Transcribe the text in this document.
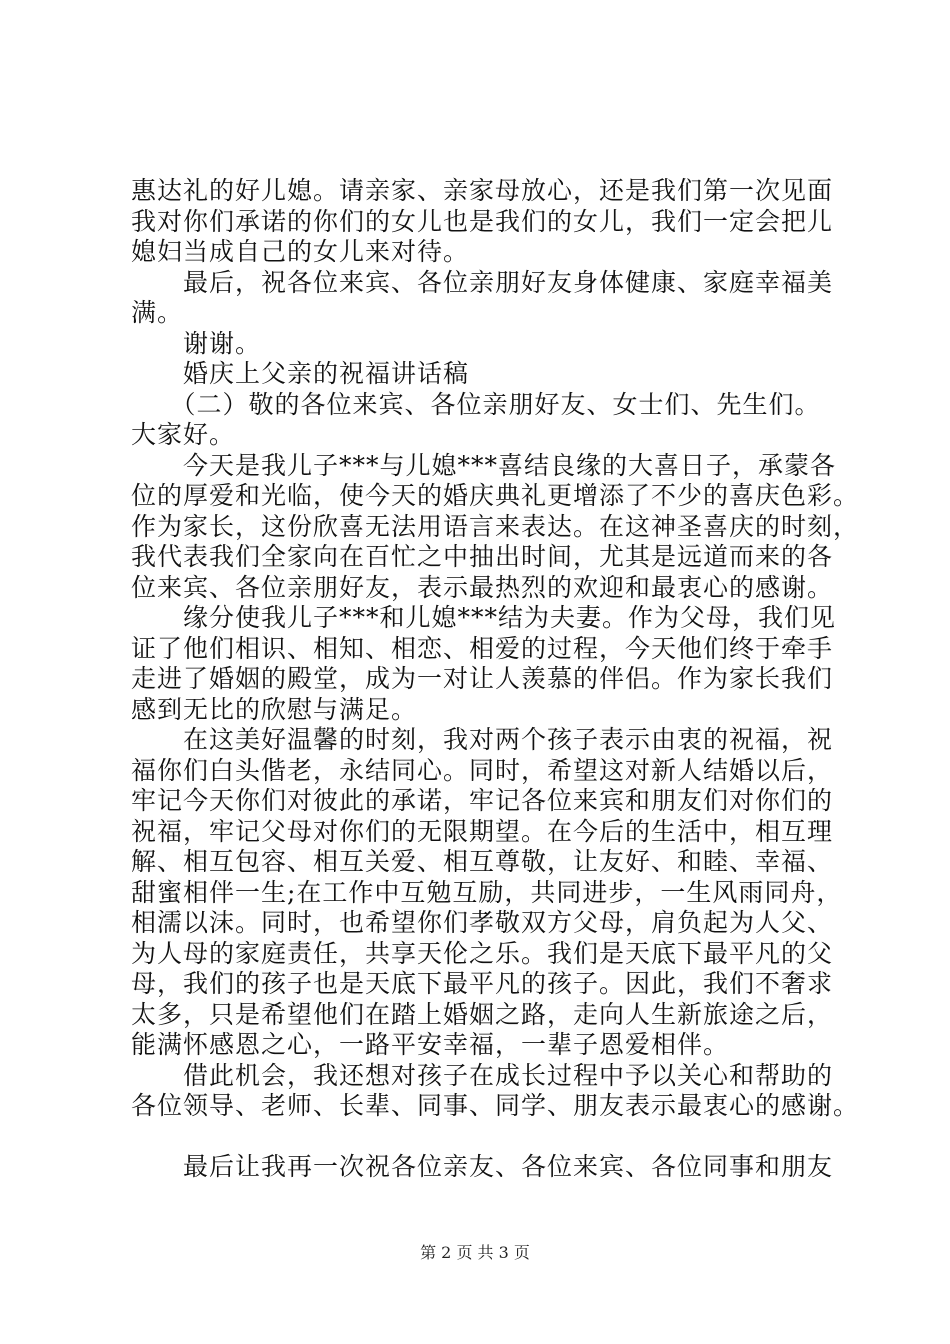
惠达礼的好儿媳。请亲家、亲家母放心，还是我们第一次见面
我对你们承诺的你们的女儿也是我们的女儿，我们一定会把儿
媳妇当成自己的女儿来对待。
　　最后，祝各位来宾、各位亲朋好友身体健康、家庭幸福美
满。
　　谢谢。
　　婚庆上父亲的祝福讲话稿
　　（二）敬的各位来宾、各位亲朋好友、女士们、先生们。
大家好。
　　今天是我儿子***与儿媳***喜结良缘的大喜日子，承蒙各
位的厚爱和光临，使今天的婚庆典礼更增添了不少的喜庆色彩。
作为家长，这份欣喜无法用语言来表达。在这神圣喜庆的时刻，
我代表我们全家向在百忙之中抽出时间，尤其是远道而来的各
位来宾、各位亲朋好友，表示最热烈的欢迎和最衷心的感谢。
　　缘分使我儿子***和儿媳***结为夫妻。作为父母，我们见
证了他们相识、相知、相恋、相爱的过程，今天他们终于牵手
走进了婚姻的殿堂，成为一对让人羡慕的伴侣。作为家长我们
感到无比的欣慰与满足。
　　在这美好温馨的时刻，我对两个孩子表示由衷的祝福，祝
福你们白头偕老，永结同心。同时，希望这对新人结婚以后，
牢记今天你们对彼此的承诺，牢记各位来宾和朋友们对你们的
祝福，牢记父母对你们的无限期望。在今后的生活中，相互理
解、相互包容、相互关爱、相互尊敬，让友好、和睦、幸福、
甜蜜相伴一生;在工作中互勉互励，共同进步，一生风雨同舟，
相濡以沫。同时，也希望你们孝敬双方父母，肩负起为人父、
为人母的家庭责任，共享天伦之乐。我们是天底下最平凡的父
母，我们的孩子也是天底下最平凡的孩子。因此，我们不奢求
太多，只是希望他们在踏上婚姻之路，走向人生新旅途之后，
能满怀感恩之心，一路平安幸福，一辈子恩爱相伴。
　　借此机会，我还想对孩子在成长过程中予以关心和帮助的
各位领导、老师、长辈、同事、同学、朋友表示最衷心的感谢。
　　最后让我再一次祝各位亲友、各位来宾、各位同事和朋友
第 2 页 共 3 页
